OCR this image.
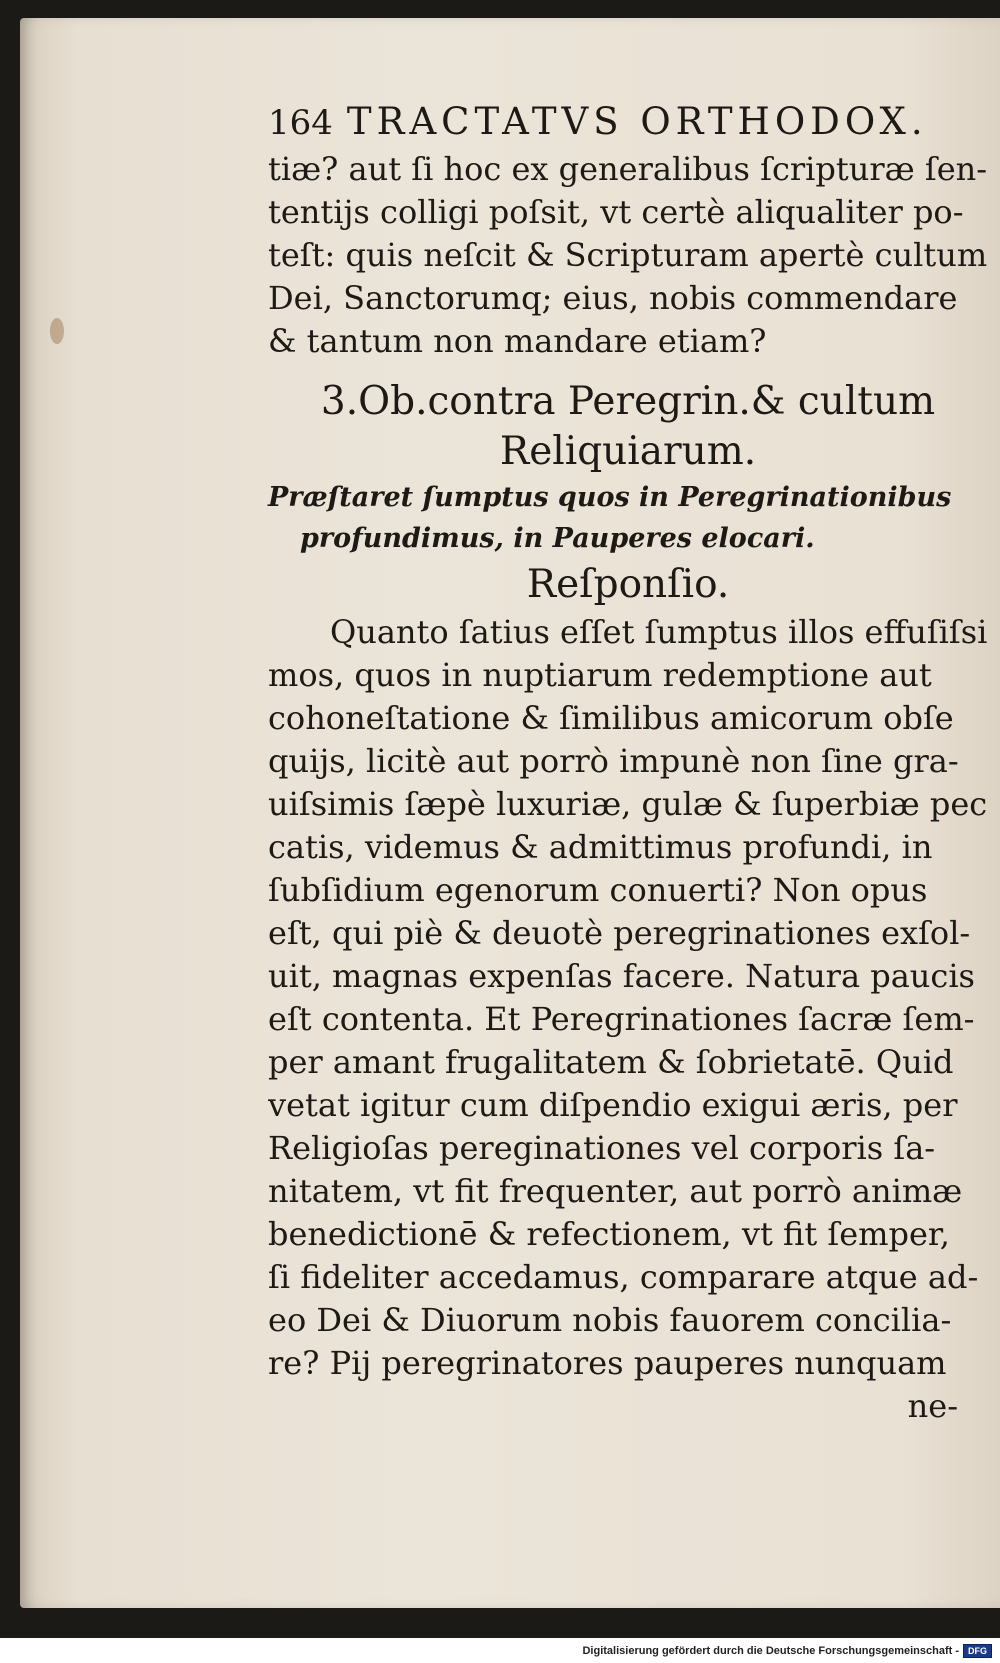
164 TRACTATVS ORTHODOX.
tiæ? aut ſi hoc ex generalibus ſcripturæ ſen-
tentijs colligi poſsit, vt certè aliqualiter po-
teſt: quis neſcit & Scripturam apertè cultum
Dei, Sanctorumq; eius, nobis commendare
& tantum non mandare etiam?
3.Ob.contra Peregrin.& cultum
Reliquiarum.
Præſtaret ſumptus quos in Peregrinationibus
profundimus, in Pauperes elocari.
Reſponſio.
Quanto ſatius eſſet ſumptus illos effuſiſsi
mos, quos in nuptiarum redemptione aut
cohoneſtatione & ſimilibus amicorum obſe
quijs, licitè aut porrò impunè non ſine gra-
uiſsimis ſæpè luxuriæ, gulæ & ſuperbiæ pec
catis, videmus & admittimus profundi, in
ſubſidium egenorum conuerti? Non opus
eſt, qui piè & deuotè peregrinationes exſol-
uit, magnas expenſas facere. Natura paucis
eſt contenta. Et Peregrinationes ſacræ ſem-
per amant frugalitatem & ſobrietatē. Quid
vetat igitur cum diſpendio exigui æris, per
Religioſas pereginationes vel corporis ſa-
nitatem, vt fit frequenter, aut porrò animæ
benedictionē & refectionem, vt fit ſemper,
ſi fideliter accedamus, comparare atque ad-
eo Dei & Diuorum nobis fauorem concilia-
re? Pij peregrinatores pauperes nunquam
ne-
Digitalisierung gefördert durch die Deutsche Forschungsgemeinschaft -	DFG
